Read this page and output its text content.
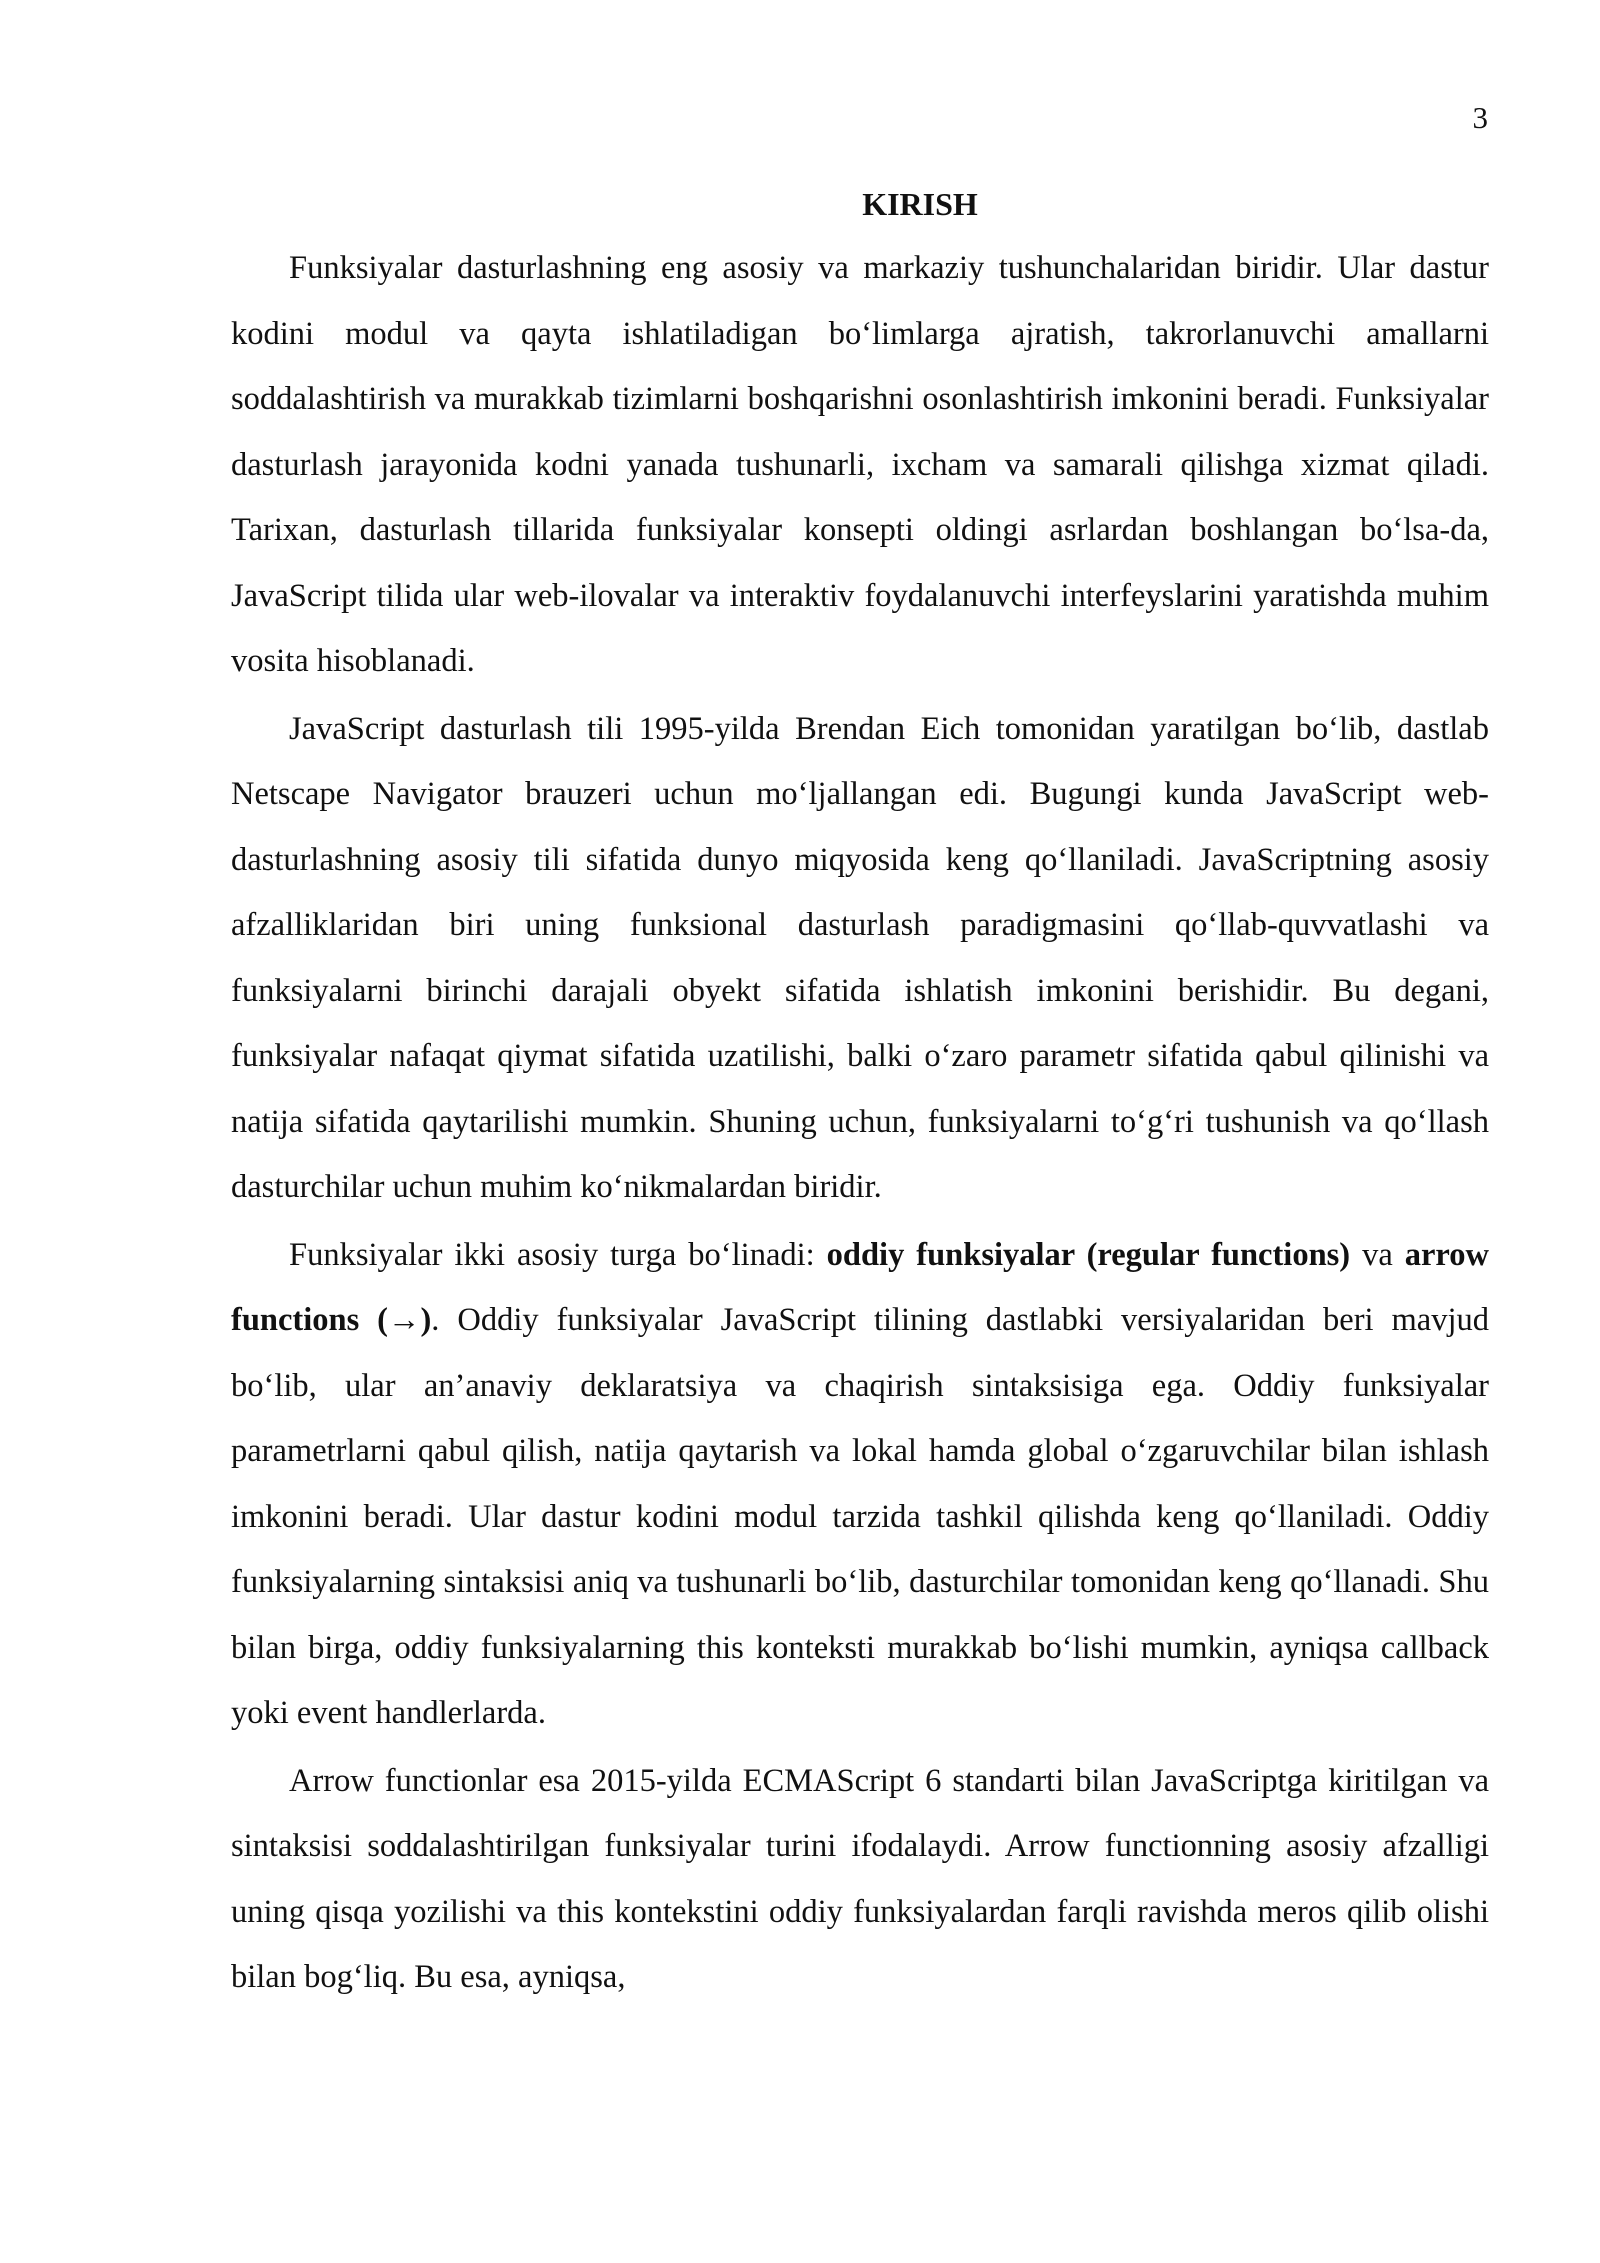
3
KIRISH

Funksiyalar dasturlashning eng asosiy va markaziy tushunchalaridan biridir. Ular dastur kodini modul va qayta ishlatiladigan bo‘limlarga ajratish, takrorlanuvchi amallarni soddalashtirish va murakkab tizimlarni boshqarishni osonlashtirish imkonini beradi. Funksiyalar dasturlash jarayonida kodni yanada tushunarli, ixcham va samarali qilishga xizmat qiladi. Tarixan, dasturlash tillarida funksiyalar konsepti oldingi asrlardan boshlangan bo‘lsa-da, JavaScript tilida ular web-ilovalar va interaktiv foydalanuvchi interfeyslarini yaratishda muhim vosita hisoblanadi.

JavaScript dasturlash tili 1995-yilda Brendan Eich tomonidan yaratilgan bo‘lib, dastlab Netscape Navigator brauzeri uchun mo‘ljallangan edi. Bugungi kunda JavaScript web-dasturlashning asosiy tili sifatida dunyo miqyosida keng qo‘llaniladi. JavaScriptning asosiy afzalliklaridan biri uning funksional dasturlash paradigmasini qo‘llab-quvvatlashi va funksiyalarni birinchi darajali obyekt sifatida ishlatish imkonini berishidir. Bu degani, funksiyalar nafaqat qiymat sifatida uzatilishi, balki o‘zaro parametr sifatida qabul qilinishi va natija sifatida qaytarilishi mumkin. Shuning uchun, funksiyalarni to‘g‘ri tushunish va qo‘llash dasturchilar uchun muhim ko‘nikmalardan biridir.

Funksiyalar ikki asosiy turga bo‘linadi: oddiy funksiyalar (regular functions) va arrow functions (→). Oddiy funksiyalar JavaScript tilining dastlabki versiyalaridan beri mavjud bo‘lib, ular an’anaviy deklaratsiya va chaqirish sintaksisiga ega. Oddiy funksiyalar parametrlarni qabul qilish, natija qaytarish va lokal hamda global o‘zgaruvchilar bilan ishlash imkonini beradi. Ular dastur kodini modul tarzida tashkil qilishda keng qo‘llaniladi. Oddiy funksiyalarning sintaksisi aniq va tushunarli bo‘lib, dasturchilar tomonidan keng qo‘llanadi. Shu bilan birga, oddiy funksiyalarning this konteksti murakkab bo‘lishi mumkin, ayniqsa callback yoki event handlerlarda.

Arrow functionlar esa 2015-yilda ECMAScript 6 standarti bilan JavaScriptga kiritilgan va sintaksisi soddalashtirilgan funksiyalar turini ifodalaydi. Arrow functionning asosiy afzalligi uning qisqa yozilishi va this kontekstini oddiy funksiyalardan farqli ravishda meros qilib olishi bilan bog‘liq. Bu esa, ayniqsa,
